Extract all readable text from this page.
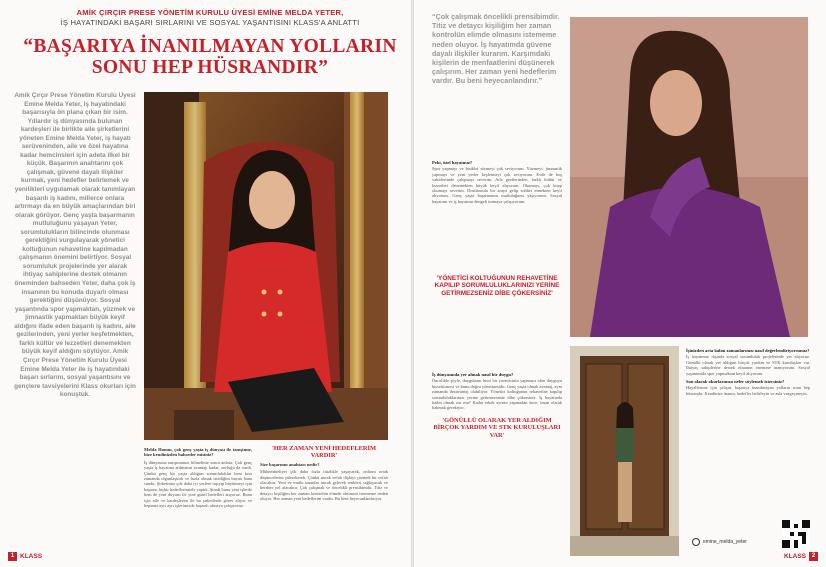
AMİK ÇIRÇIR PRESE YÖNETİM KURULU ÜYESİ EMİNE MELDA YETER,
İŞ HAYATINDAKİ BAŞARI SIRLARINI VE SOSYAL YAŞANTISINI KLASS'A ANLATTI
“BAŞARIYA İNANILMAYAN YOLLARIN SONU HEP HÜSRANDIR”
Amik Çırçır Prese Yönetim Kurulu Üyesi Emine Melda Yeter, iş hayatındaki başarısıyla ön plana çıkan bir isim. Yıllardır iş dünyasında bulunan kardeşleri ile birlikte aile şirketlerini yöneten Emine Melda Yeter, iş hayatı serüveninden, aile ve özel hayatına kadar hemcinsleri için adeta ilkel bir küçük. Başarının anahtarını çok çalışmak, güvene dayalı ilişkiler kurmak, yeni hedefler belirlemek ve yenilikleri uygulamak olarak tanımlayan başarılı iş kadını, millerce onlara artırmayı da en büyük amaçlarından biri olarak görüyor. Genç yaşta başarmanın mutluluğunu yaşayan Yeter, sorumlulukların bilincinde olunması gerektiğini vurgulayarak yönetici koltuğunun rehavetine kapılmadan çalışmanın önemini belirtiyor. Sosyal sorumluluk projelerinde yer alarak ihtiyaç sahiplerine destek olmanın öneminden bahseden Yeter, daha çok iş insanının bu konuda duyarlı olması gerektiğini düşünüyor. Sosyal yaşantında spor yapmaktan, yüzmek ve jimnastik yapmaktan büyük keyif aldığını ifade eden başarılı iş kadını, aile gezilerinden, yeni yerler keşfetmekten, farklı kültür ve lezzetleri denemekten büyük keyif aldığını söylüyor. Amik Çırçır Prese Yönetim Kurulu Üyesi Emine Melda Yeter ile iş hayatındaki başarı sırlarını, sosyal yaşantısını ve gençlere tavsiyelerini Klass okurları için konuştuk.
Melda Hanım, çok genç yaşta iş dünyası ile tanıştınız, bize kendinizden bahseder misiniz?
İş dünyasına tanışmamızı bilmeliniz sonra anlatır. Çok genç yaşta iş hayatına atılmanın avantajı kadar, zorluğu da vardı. Çünkü genç bir yaşta aldığım sorumluluklar beni kısa zamanda olgunlaştırdı ve hızla olmak istediğim hayatı bana sundu. Şirketimiz çok daha iyi yerlere taşıyıp büyütmeyi için başarısı hiçbir hedeflerimizle yaptık. Şimdi bunu yeni işlerde hem de yeni duyusu ile yine güzel hedefleri atıyoruz. Bunu için aile ve kardeşlerim ile bu şirketlerde görev alıyor ve hepimiz ayrı ayrı işlerimizde başarılı olmaya çalışıyoruz.
'HER ZAMAN YENİ HEDEFLERİM VARDIR'
Size başarının anahtarı nedir?
Mükemmeliyet çok daha fazla titizlikle yaşayarak, onların ortak düşüncelerini yükselterek. Çünkü ancak vefalı ilişkiyi çözmek bir vefalı olacaktır. Yeni ve mutlu insanlar ancak gelecek renkleri sağlayacak ve beraber yol alacaktır. Çok çalışmak ve öncelikli prensibimdir. Titiz ve detaycı kişiliğim her zaman kontrolün elimde olmasını istememe neden oluyor. Her zaman yeni hedeflerim vardır. Bu beni heyecanlandırıyor.
1 KLASS
“Çok çalışmak öncelikli prensibimdir. Titiz ve detaycı kişiliğim her zaman kontrolün elimde olmasını istememe neden oluyor. İş hayatımda güvene dayalı ilişkiler kurarım. Karşımdaki kişilerin de menfaatlerini düşünerek çalışırım. Her zaman yeni hedeflerim vardır. Bu beni heyecanlandırır.”
Peki, özel hayatınız?
Spor yapmayı ve bisiklet sürmeyi çok seviyorum. Yüzmeyi, jimnastik yapmayı ve yeni yerler keşfetmeyi çok seviyorum. Evde de boş vakitlerimde çalışmayı severim. Aile gezilerinden, farklı kültür ve lezzetleri denemekten büyük keyif alıyorum. Okumayı, çok kitap okumayı severim. Dostlarımla bir araya gelip sohbet etmekten keyif alıyorum. Genç yaşta başarmanın mutluluğunu yaşıyorum. Sosyal hayatımı ve iş hayatımı dengeli tutmaya çalışıyorum.
'YÖNETİCİ KOLTUĞUNUN REHAVETİNE KAPILIP SORUMLULUKLARINIZI YERİNE GETİRMEZSENİZ DİBE ÇÖKERSİNİZ'
İş dünyasında yer almak nasıl bir duygu?
Öncelikle şöyle, duyguların hissi bir yöneticinin yapmaya olan duyguyu hissettirmesi ve bunu doğru yönetmesidir. Genç yaşta olmak avantaj, aynı zamanda dezavantaj olabiliyor. Yönetici koltuğunun rehavetine kapılıp sorumluluklarınızı yerine getirmezseniz dibe çökersiniz. İş hayatında kadın olmak zor mu? Kadın erkek ayrımı yapmadan önce, insan olarak bakmak gerekiyor.
'GÖNÜLLÜ OLARAK YER ALDIĞIM BİRÇOK YARDIM VE STK KURULUŞLARI VAR'
İşinizden arta kalan zamanlarınızı nasıl değerlendiriyorsunuz?
İş hayatımız dışında sosyal sorumluluk projelerinde yer alıyoruz. Gönüllü olarak yer aldığım birçok yardım ve STK kuruluşları var. İhtiyaç sahiplerine destek olmanın önemine inanıyorum. Sosyal yaşantımda spor yapmaktan keyif alıyorum.
Son olarak okurlarınıza neler söylemek istersiniz?
Hayalleriniz için çalışın, başarıya inanılmayan yolların sonu hep hüsrandır. Kendinize inanın, hedefler belirleyin ve asla vazgeçmeyin.
emine_melda_yeter
KLASS 2
